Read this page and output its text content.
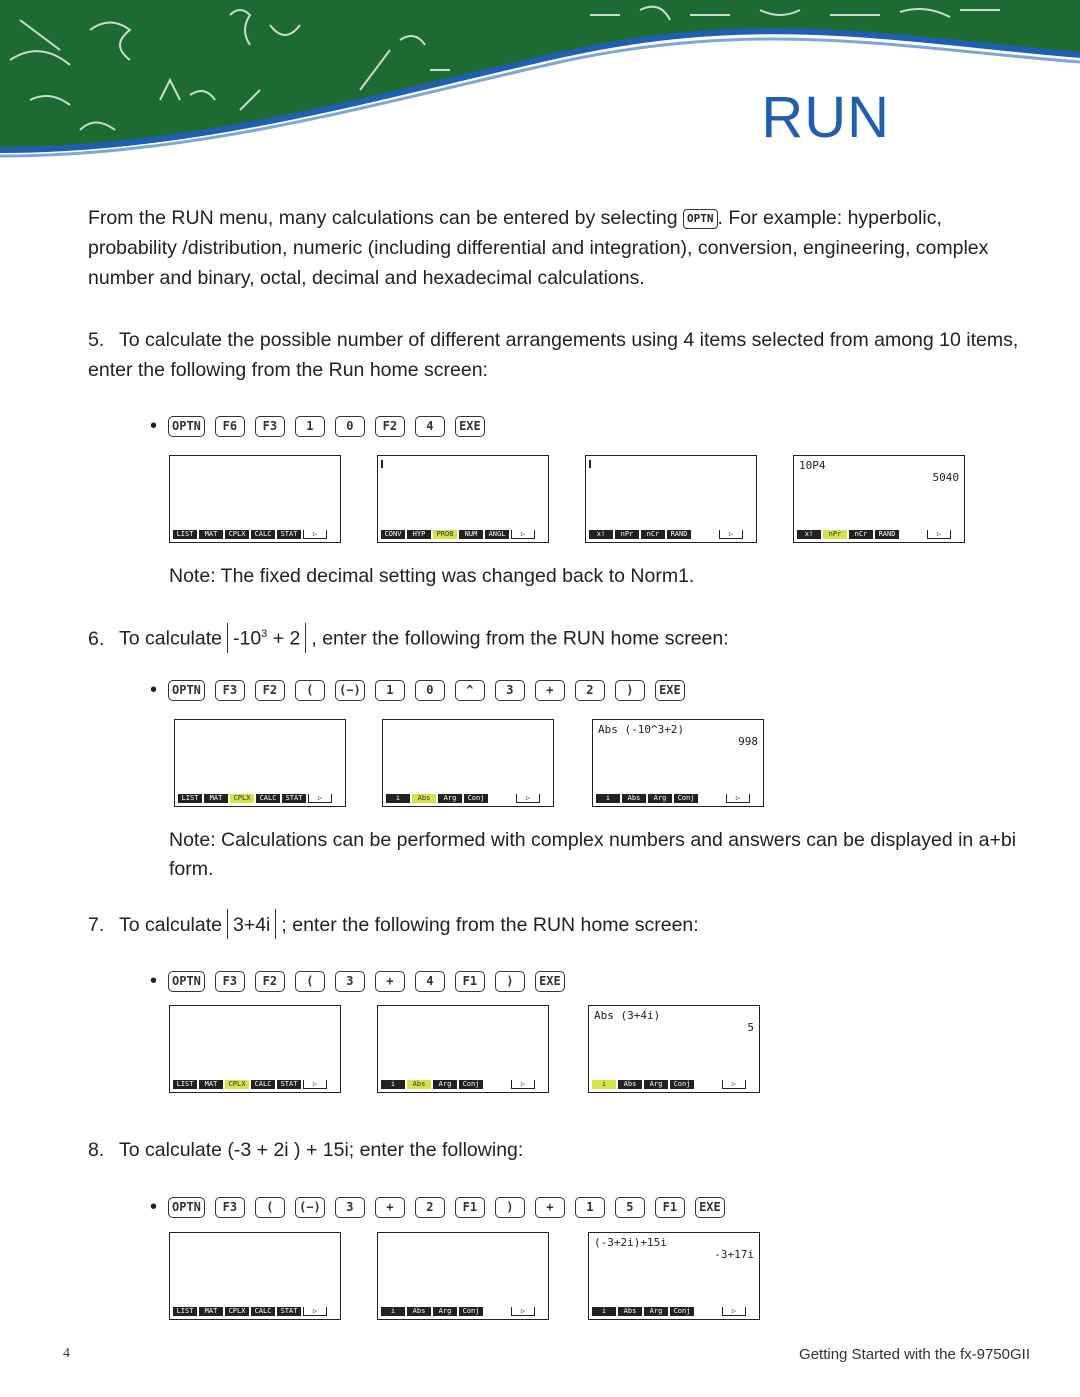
RUN
From the RUN menu, many calculations can be entered by selecting OPTN . For example: hyperbolic, probability /distribution, numeric (including differential and integration), conversion, engineering, complex number and binary, octal, decimal and hexadecimal calculations.
5. To calculate the possible number of different arrangements using 4 items selected from among 10 items, enter the following from the Run home screen:
•	OPTN	F6	F3	1	0	F2	4	EXE
LIST	MAT	CPLX	CALC	STAT	▷	CONV	HYP	PROB	NUM	ANGL	▷	x!	nPr	nCr	RAND	▷
10P4
5040
x!	nPr	nCr	RAND	▷
Note: The fixed decimal setting was changed back to Norm1.
6. To calculate $-10^3 + 2$ , enter the following from the RUN home screen:
•	OPTN	F3	F2	(	(−)	1	0	^	3	+	2	)	EXE
LIST	MAT	CPLX	CALC	STAT	▷	i	Abs	Arg	Conj	▷
Abs (-10^3+2)
998
i	Abs	Arg	Conj	▷
Note: Calculations can be performed with complex numbers and answers can be displayed in a+bi form.
7. To calculate 3+4i ; enter the following from the RUN home screen:
•	OPTN	F3	F2	(	3	+	4	F1	)	EXE
LIST	MAT	CPLX	CALC	STAT	▷	i	Abs	Arg	Conj	▷
Abs (3+4i)
5
i	Abs	Arg	Conj	▷
8. To calculate (-3 + 2i ) + 15i; enter the following:
•	OPTN	F3	(	(−)	3	+	2	F1	)	+	1	5	F1	EXE
LIST	MAT	CPLX	CALC	STAT	▷	i	Abs	Arg	Conj	▷
(-3+2i)+15i
-3+17i
i	Abs	Arg	Conj	▷
4	Getting Started with the fx-9750GII
